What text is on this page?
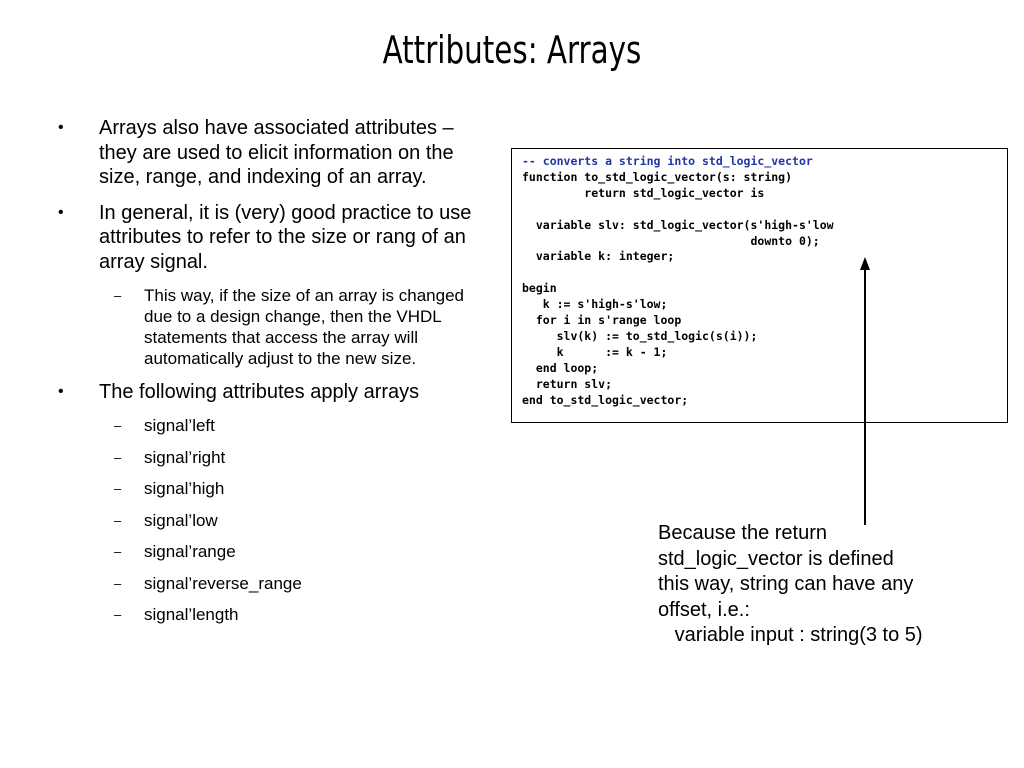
Attributes: Arrays
• Arrays also have associated attributes – they are used to elicit information on the size, range, and indexing of an array.
• In general, it is (very) good practice to use attributes to refer to the size or rang of an array signal.
– This way, if the size of an array is changed due to a design change, then the VHDL statements that access the array will automatically adjust to the new size.
• The following attributes apply arrays
– signal’left
– signal’right
– signal’high
– signal’low
– signal’range
– signal’reverse_range
– signal’length
-- converts a string into std_logic_vector
function to_std_logic_vector(s: string)
return std_logic_vector is
variable slv: std_logic_vector(s'high-s'low
downto 0);
variable k: integer;
begin
k := s'high-s'low;
for i in s'range loop
slv(k) := to_std_logic(s(i));
k      := k - 1;
end loop;
return slv;
end to_std_logic_vector;
Because the return
std_logic_vector is defined
this way, string can have any
offset, i.e.:
variable input : string(3 to 5)
